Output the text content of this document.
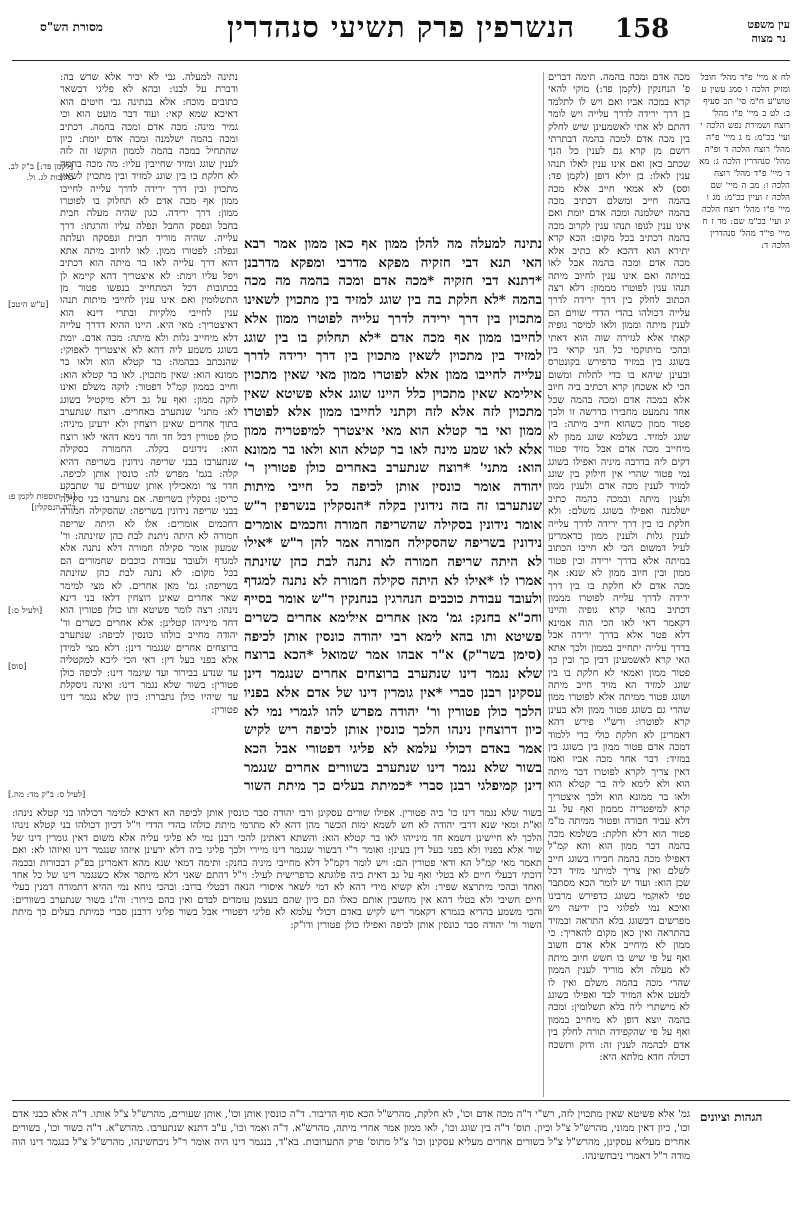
מסורת הש"ס	הנשרפין פרק תשיעי סנהדרין	158	עין משפט
נר מצוה
לח א מיי' פ"ד מהל' חובל ומזיק הלכה ו סמג עשין ע טוש"ע ח"מ סי' תכ סעיף ב: לט ב מיי' פ"ו מהל' רוצח ושמירת נפש הלכה י ועי' בכ"מ: מ ג מיי' פ"ה מהל' רוצח הלכה ד ופ"ה מהל' סנהדרין הלכה ג: מא ד מיי' פ"ד מהל' רוצח הלכה ו: מב ה מיי' שם הלכה ז ועיין בכ"מ: מג ו מיי' פ"ו מהל' רוצח הלכה יג ועי' בכ"מ שם: מד ז ח מיי' פי"ד מהל' סנהדרין הלכה ד:
מכה אדם ומכה בהמה. תימה דברים פ' הנחנקין (לקמן פד:) מוקי להאי קרא במכה אביו ואם ויש לו לתלמד בן דרך ירידה לדרך עלייה ויש לומר דהתם לא אתי לאשמעינן שיש לחלק בין מכה אדם למכה בהמה דבתרתי רושם מן קרא גם לענין כל הנך שכתב כאן ואם אינו ענין לאלו תנהו ענין לאלו: בן יולא דופן (לקמן פד: וסס) לא אמאי חייב אלא מכה בהמה חייב ומשלם דכתיב מכה בהמה ישלמנה ומכה אדם יומת ואם אינו ענין לגופו תנהו ענין לקרוב מכה בהמה דכתיב בכל מקום: הכא קרא יתירא הוא דהכא לא כתיב אלא מכה אדם ומכה בהמה אבל לאו במיתה ואם אינו ענין לחיוב מיתה תנהו ענין לפוטרו מממון: דלא רצה הכתוב לחלק בין דרך ירידה לדרך עלייה דכולהו בהדי הדדי שווים הם לענין מיתה וממון ולאו למיסר גופיה קאתי אלא לגזירה שוה הוא דאתי ובהכי מיתוקמי כל הני קראי בין בשוגג בין במזיד כדפירש בקונטרס ובעינן שיהא בו כדי לתלות ומשום הכי לא אשכחן קרא דכתיב ביה חיוב אלא במכה אדם ומכה בהמה שכל אחד נתמעט מחבירו בדרשה זו ולכך פטור ממון כשהוא חייב מיתה: בין שוגג למזיד. בשלמא שוגג ממון לא מיחייב מכה אדם אבל מזיד פטור דקים ליה בדרבה מיניה ואפילו בשוגג נמי פטור שהרי אין חילוק בין שוגג למזיד לענין מכה אדם ולענין ממון ולענין מיתה ובמכה בהמה כתיב ישלמנה ואפילו בשוגג משלם: ולא חלקת בו בין דרך ירידה לדרך עלייה לענין גלות ולענין ממון כדאמרינן לעיל דמשום הכי לא חייבו הכתוב במיתה אלא בדרך ירידה ובין פטור ממון ובין חיוב ממון לא שנא: אף מכה אדם לא חלקת בו בין דרך ירידה לדרך עלייה לפוטרו מממון דכתיב בהאי קרא גופיה והיינו דקאמר דאי לאו הכי הוה אמינא דלא פטר אלא בדרך ירידה אבל בדרך עלייה יתחייב בממון ולכך אתא האי קרא לאשמעינן דבין כך ובין כך פטור ממון ואמאי לא חלקת בו בין שוגג למזיד הא מזיד חייב מיתה ושוגג פטור ממיתה אלא לפוטרו ממון שהרי גם בשוגג פטור ממון ולא בעינן קרא לפוטרו: ורש"י פירש דהא דאמרינן לא חלקת כולי כדי ללמוד דמכה אדם פטור ממון בין בשוגג בין במזיד: דבר אחר מכה אביו ואמו דאין צריך לקרא לפוטרו דבר מיתה הוא ולא לימא ליה בר קטלא הוא ולאו בר ממונא הוא ולכך איצטריך קרא למיפטריה מממון ואף על גב דלא עביד חבורה ופטור ממיתה מ"מ פטור הוא דלא חלקת: בשלמא מכה בהמה דבר ממון הוא והא קמ"ל דאפילו מכה בהמה חבירו בשוגג חייב לשלם ואין צריך למיתני מזיד דכל שכן הוא: ועוד יש לומר הכא מסתבר טפי לאוקמי בשוגג כדפירש מרבינו ואיכא נמי לפלוגי בין ידיעה ויש מפרשים דבשוגג בלא התראה ובמזיד בהתראה ואין כאן מקום להאריך: כי ממון לא מיחייב אלא אדם חשוב ואף על פי שיש בו חשש חיוב מיתה לא מעלה ולא מוריד לענין הממון שהרי מכה בהמה משלם ואין לו למעט אלא המזיד לבד ואפילו בשוגג לא מישתרי ליה בלא תשלומין: ומכה בהמה יוצא דופן לא מיחייב בממון ואף על פי שהקפידה תורה לחלק בין אדם לבהמה לענין זה: ודוק ותשכח דכולה חדא מלתא היא:
נתינה למעלה מה להלן ממון אף כאן ממון אמר רבא האי תנא דבי חזקיה מפקא מדרבי ומפקא מדרבנן *דתנא דבי חזקיה *מכה אדם ומכה בהמה מה מכה בהמה *לא חלקת בה בין שוגג למזיד בין מתכוין לשאינו מתכוין בין דרך ירידה לדרך עלייה לפוטרו ממון אלא לחייבו ממון אף מכה אדם *לא תחלוק בו בין שוגג למזיד בין מתכוין לשאין מתכוין בין דרך ירידה לדרך עלייה לחייבו ממון אלא לפוטרו ממון מאי שאין מתכוין אילימא שאין מתכוין כלל היינו שוגג אלא פשיטא שאין מתכוין לזה אלא לזה וקתני לחייבו ממון אלא לפוטרו ממון ואי בר קטלא הוא מאי איצטרך למיפטריה ממון אלא לאו שמע מינה לאו בר קטלא הוא ולאו בר ממונא הוא: מתני' *רוצח שנתערב באחרים כולן פטורין ר' יהודה אומר כונסין אותן לכיפה כל חייבי מיתות שנתערבו זה בזה נידונין בקלה *הנסקלין בנשרפין ר"ש אומר נידונין בסקילה שהשריפה חמורה וחכמים אומרים נידונין בשריפה שהסקילה חמורה אמר להן ר"ש *אילו לא היתה שריפה חמורה לא נתנה לבת כהן שזינתה אמרו לו *אילו לא היתה סקילה חמורה לא נתנה למגדף ולעובד עבודת כוכבים הנהרגין בנחנקין ר"ש אומר בסייף וחכ"א בחנק: גמ' מאן אחרים אילימא אחרים כשרים פשיטא ותו בהא לימא רבי יהודה כונסין אותן לכיפה (סימן בשר"ק) א"ר אבהו אמר שמואל *הכא ברוצח שלא נגמר דינו שנתערב ברוצחים אחרים שנגמר דינן עסקינן רבנן סברי *אין גומרין דינו של אדם אלא בפניו הלכך כולן פטורין ור' יהודה מפרש להו לגמרי נמי לא כיון דרוצחין נינהו הלכך כונסין אותן לכיפה ריש לקיש אמר באדם דכולי עלמא לא פליגי דפטורי אבל הכא בשור שלא נגמר דינו שנתערב בשוורים אחרים שנגמר דינן קמיפלגי רבנן סברי *כמיתת בעלים כך מיתת השור
נתינה למעלה. גבי לא יכיר אלא שרש בה: ודברת על לבנו: ובהא לא פליגי דבשאר כתובים מוכח: אלא בנתינה גבי חיטים הוא דאיכא שמא קאי: ועוד דבר מועט הוא וכי גמיר מינה: מכה אדם ומכה בהמה. דכתיב ומכה בהמה ישלמנה ומכה אדם יומת: כיון שהתחיל במכה בהמה לממון הוקשו זה לזה לענין שוגג ומזיד שחייבין עליו: מה מכה בהמה לא חלקת בו בין שוגג למזיד ובין מתכוין לשאין מתכוין ובין דרך ירידה לדרך עלייה לחייבו ממון אף מכה אדם לא תחלוק בו לפוטרו ממון: דרך ירידה. כגון שהיה מעלה חבית בחבל ונפסק החבל ונפלה עליו והרגתו: דרך עלייה. שהיה מוריד חבית ונפסקה ועלתה ונפלה: לפטורו ממון. לאו לחיוב מיתה אתא דהא דרך עלייה לאו בר מיתה הוא דכתיב ויפל עליו וימת: לא איצטריך דהא קיימא לן בכתובות דכל המתחייב בנפשו פטור מן התשלומין ואם אינו ענין לחייבי מיתות תנהו ענין לחייבי מלקיות ובתרי דינא הוא דאיצטריך: מאי היא. היינו ההיא דדרך עלייה דלא מיחייב גלות ולא מיתה: מכה אדם. יומת בשוגג משמע ליה דהא לא איצטריך לאפוקי: שהנכתב בבהמה: בר קטלא הוא ולאו בר ממונא הוא: שאין מתכוין. לאו בר קטלא הוא: וחייב בממון קמ"ל דפטור: לוקה משלם ואינו לוקה ממון: ואף על גב דלא מיקטיל בשוגג לא: מתני' שנתערב באחרים. רוצח שנתערב בתוך אחרים שאינן רוצחין ולא ידעינן מיניה: כולן פטורין דכל חד וחד נימא דהאי לאו רוצח הוא: נידונים בקלה. החמורה בסקילה שנתערבו בבני שריפה נידונין בשריפה דהיא קלה: בגמ' מפרש לה: כונסין אותן לכיפה. חדר צר ומאכילין אותן שעורים עד שתבקע כריסן: נסקלין בשריפה. אם נתערבו בני סקילה בבני שריפה נידונין בשריפה: שהסקילה חמורה דחכמים אומרים: אלו לא היתה שריפה חמורה לא היתה ניתנת לבת כהן שזינתה: ור' שמעון אומר סקילה חמורה דלא נתנה אלא למגדף ולעובד עבודת כוכבים שחמורים הם בכל מקום: לא נתנה לבת כהן שזינתה בשריפה: גמ' מאן אחרים. לא מצי למימר שאר אחרים שאינן רוצחין דלאו בני דינא נינהו: רצה לומר פשיטא ותו כולן פטורין הוא דחד מינייהו קטלינן: אלא אחרים כשרים ור' יהודה מחייב כולהו כונסין לכיפה: שנתערב ברוצחים אחרים שנגמר דינן: דלא מצי למידן אלא בפני בעל דין: דאי הכי ליכא למקטליה עד שנדע בבירור ועד שיגמר דינו: לכיפה כולן פטורין: בשור שלא נגמר דינו: ואינה ניסקלת עד שיהיו כולן נתבררו: כיון שלא נגמר דינו פטורין:
[לקמן פד:] ב"ק לב.
כתובות לג. ול.
[ע"ש היטב]
[נר' תוספות לקמן פ:
ד"ה הנסקלין]
[ולעיל ס:]
[סוס]
[לעיל ס: ב"ק מד: מה.]
בשור שלא נגמר דינו כו' ביה פטורין. אפילו שורים עסקינן ורבי יהודה סבר כונסין אותן לכיפה הא דאיכא למימר דכולהו בני קטלא נינהו: וא"ת ומאי שנא דרבי יהודה לא חש לשמא ימות הכשר מהן דהא לא מתרמי מיתת כולהו בהדי הדדי וי"ל דכיון דכולהו בני קטלא נינהו הלכך לא חיישינן דשמא חד מינייהו לאו בר קטלא הוא: והשתא דאתינן להכי רבנן נמי לא פליגי עליה אלא משום דאין גומרין דינו של שור אלא בפניו ולא בפני בעל דין בעינן: ואומר ר"י דבשור שנגמר דינו מיירי ולכך פליגי ביה דלא ידעינן איזהו שנגמר דינו ואיזהו לא: ואם תאמר מאי קמ"ל הא ודאי פטורין הם: ויש לומר דקמ"ל דלא מחייבי מיניה בחנק: ותימה דמאי שנא מהא דאמרינן בפ"ק דבכורות ובכמה דוכתי דבעלי חיים לא בטלי ואף על גב דאית ביה פלוגתא כדפרישית לעיל: וי"ל דהתם שאני דלא מיתסר אלא כשנגמר דינו של כל אחד ואחד ובהכי מיתרצא שפיר: ולא קשיא מידי דהא לא דמי לשאר איסורי הנאה דבטלי ברוב: ובהכי ניחא נמי ההיא דתמורה דמנין בעלי חיים חשיבי ולא בטלי דהא אין מחשבין אותם כאלו הם כיון שהם בעצמן עומדים לבדם ואין בהם בירור: וה"נ בשור שנתערב בשוורים: והכי משמע בהדיא בגמרא דקאמר ריש לקיש באדם דכולי עלמא לא פליגי דפטורי אבל בשור פליגי דרבנן סברי כמיתת בעלים כך מיתת השור ור' יהודה סבר כונסין אותן לכיפה ואפילו כולן פטורין ודו"ק:
הגהות וציונים
גמ' אלא פשיטא שאין מתכוין לזה, רש"י ד"ה מכה אדם וכו', לא חלקת, מהרש"ל הכא סוף הדיבור. ד"ה כונסין אותן וכו', אותן שעורים, מהרש"ל צ"ל אותו. ד"ה אלא כבני אדם וכו', כיון דאין ממוני, מהרש"ל צ"ל וכיון. תוס' ד"ה בין שוגג וכו', לאו ממון אמר אחרי מיתה, מהרש"א. ד"ה ואמר וכו', ע"ב דתנא שנתערבו. מהרש"א. ד"ה כשור וכו', בשורים אחרים מעליא עסקינן, מהרש"ל צ"ל בשורים אחרים מעליא עסקינן וכו' צ"ל מתוס' פרק התערובות. בא"ד, בנגמר דינו היה אומר ר"ל ניבחשינהו, מהרש"ל צ"ל בנגמר דינו הוה מודה ר"ל דאמרי ניבחשינהו.
